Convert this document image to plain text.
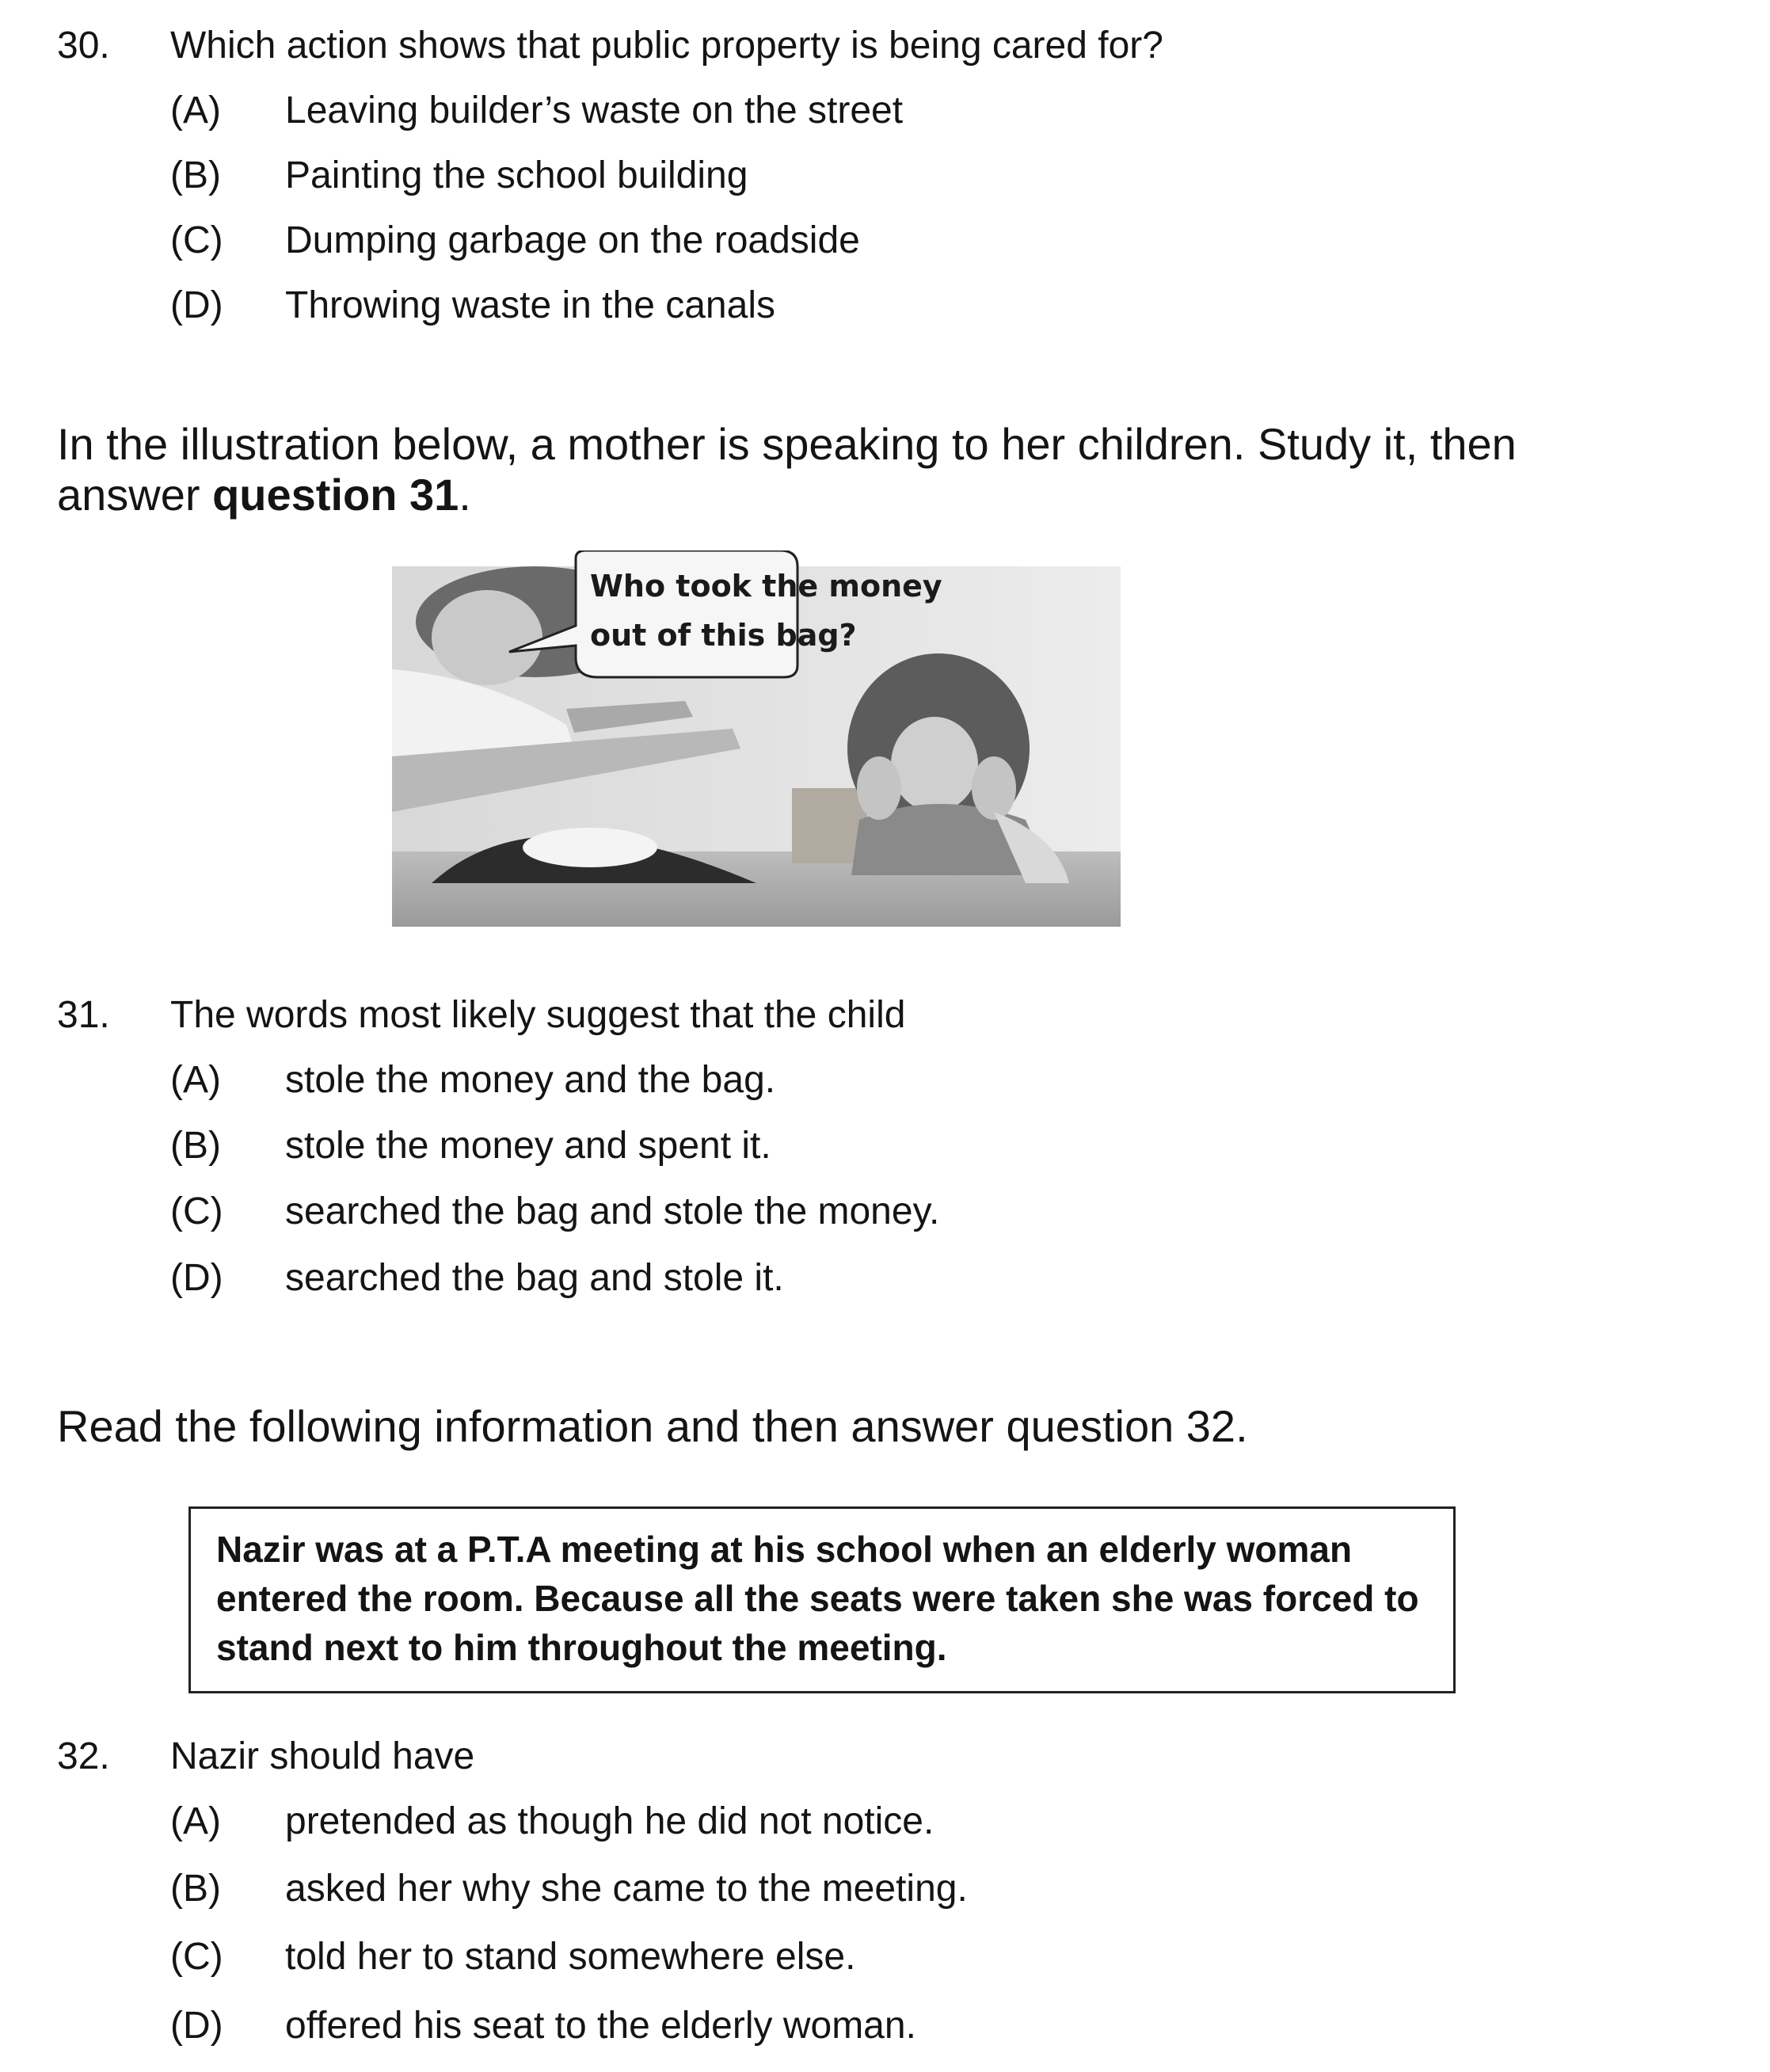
30. Which action shows that public property is being cared for?
(A) Leaving builder’s waste on the street
(B) Painting the school building
(C) Dumping garbage on the roadside
(D) Throwing waste in the canals
In the illustration below, a mother is speaking to her children. Study it, then
answer question 31.
Who took the money
out of this bag?
31. The words most likely suggest that the child
(A) stole the money and the bag.
(B) stole the money and spent it.
(C) searched the bag and stole the money.
(D) searched the bag and stole it.
Read the following information and then answer question 32.
Nazir was at a P.T.A meeting at his school when an elderly woman entered the room. Because all the seats were taken she was forced to stand next to him throughout the meeting.
32. Nazir should have
(A) pretended as though he did not notice.
(B) asked her why she came to the meeting.
(C) told her to stand somewhere else.
(D) offered his seat to the elderly woman.
